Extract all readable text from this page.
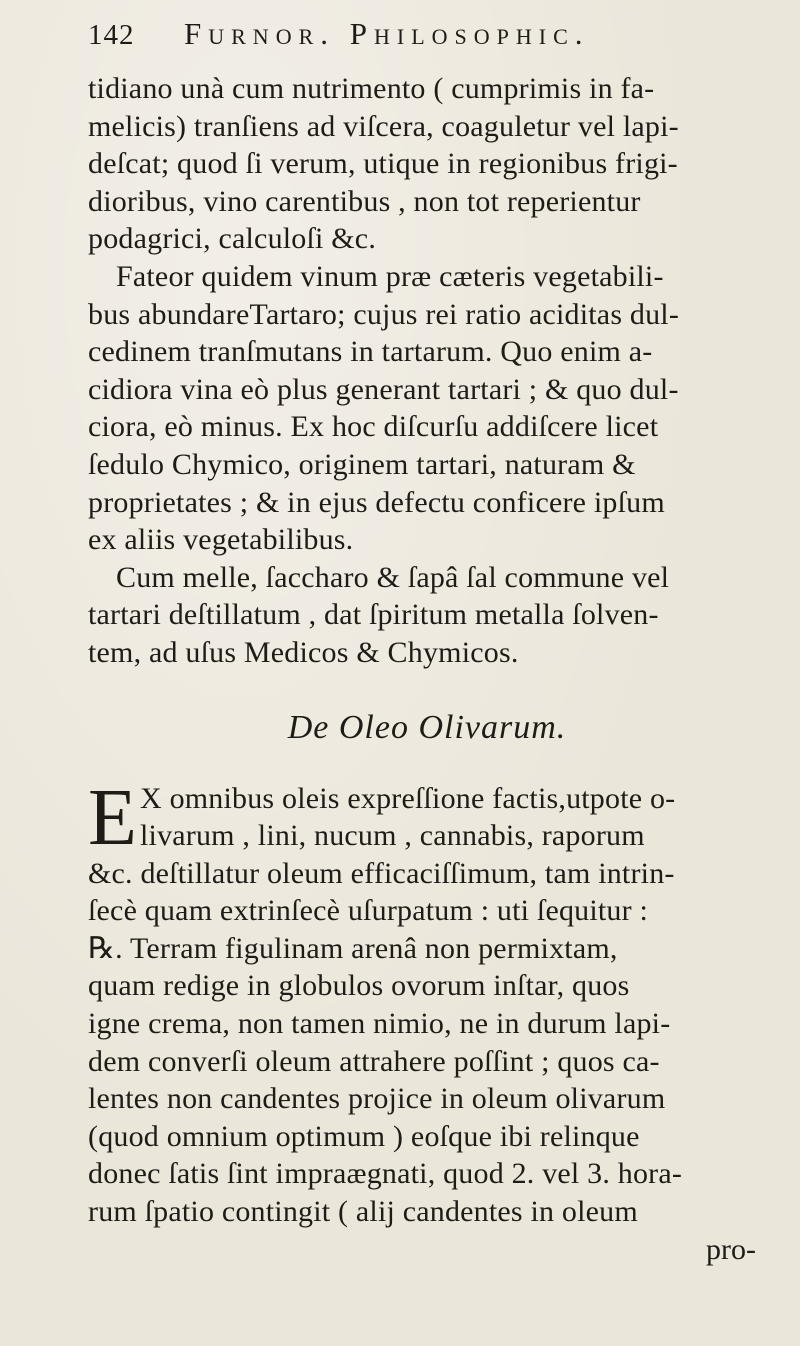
142	Furnor. Philosophic.
tidiano unà cum nutrimento ( cumprimis in fa-
melicis) tranſiens ad viſcera, coaguletur vel lapi-
deſcat; quod ſi verum, utique in regionibus frigi-
dioribus, vino carentibus , non tot reperientur
podagrici, calculoſi &c.
Fateor quidem vinum præ cæteris vegetabili-
bus abundareTartaro; cujus rei ratio aciditas dul-
cedinem tranſmutans in tartarum. Quo enim a-
cidiora vina eò plus generant tartari ; & quo dul-
ciora, eò minus. Ex hoc diſcurſu addiſcere licet
ſedulo Chymico, originem tartari, naturam &
proprietates ; & in ejus defectu conficere ipſum
ex aliis vegetabilibus.
Cum melle, ſaccharo & ſapâ ſal commune vel
tartari deſtillatum , dat ſpiritum metalla ſolven-
tem, ad uſus Medicos & Chymicos.
De Oleo Olivarum.
E X omnibus oleis expreſſione factis,utpote o-
livarum , lini, nucum , cannabis, raporum
&c. deſtillatur oleum efficaciſſimum, tam intrin-
ſecè quam extrinſecè uſurpatum : uti ſequitur :
℞. Terram figulinam arenâ non permixtam,
quam redige in globulos ovorum inſtar, quos
igne crema, non tamen nimio, ne in durum lapi-
dem converſi oleum attrahere poſſint ; quos ca-
lentes non candentes projice in oleum olivarum
(quod omnium optimum ) eoſque ibi relinque
donec ſatis ſint impraægnati, quod 2. vel 3. hora-
rum ſpatio contingit ( alij candentes in oleum
pro-
